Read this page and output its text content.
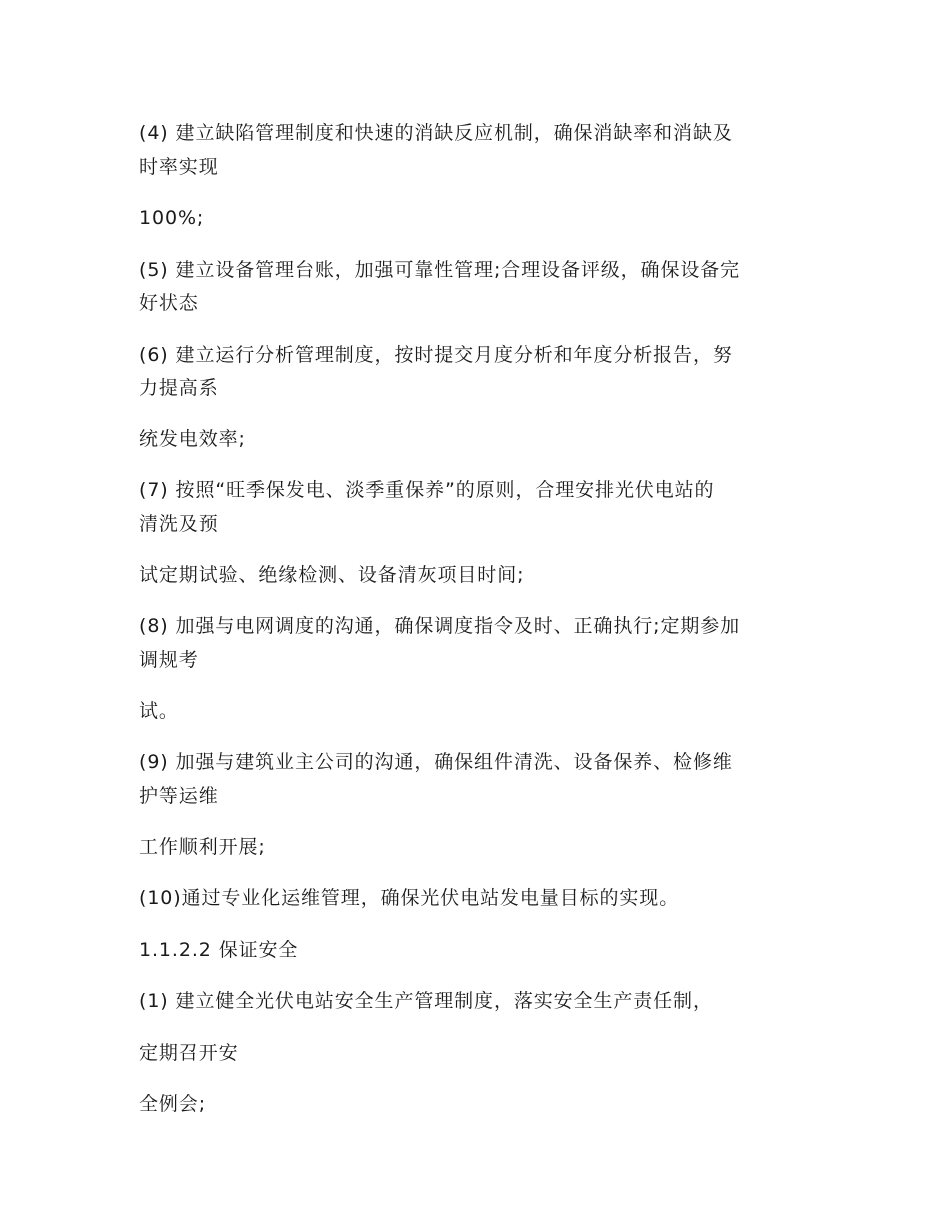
(4) 建立缺陷管理制度和快速的消缺反应机制，确保消缺率和消缺及

时率实现

100%;

(5) 建立设备管理台账，加强可靠性管理;合理设备评级，确保设备完

好状态

(6) 建立运行分析管理制度，按时提交月度分析和年度分析报告，努

力提高系

统发电效率;

(7) 按照“旺季保发电、淡季重保养”的原则，合理安排光伏电站的

清洗及预

试定期试验、绝缘检测、设备清灰项目时间;

(8) 加强与电网调度的沟通，确保调度指令及时、正确执行;定期参加

调规考

试。

(9) 加强与建筑业主公司的沟通，确保组件清洗、设备保养、检修维

护等运维

工作顺利开展;

(10)通过专业化运维管理，确保光伏电站发电量目标的实现。

1.1.2.2 保证安全

(1) 建立健全光伏电站安全生产管理制度，落实安全生产责任制，

定期召开安

全例会;
